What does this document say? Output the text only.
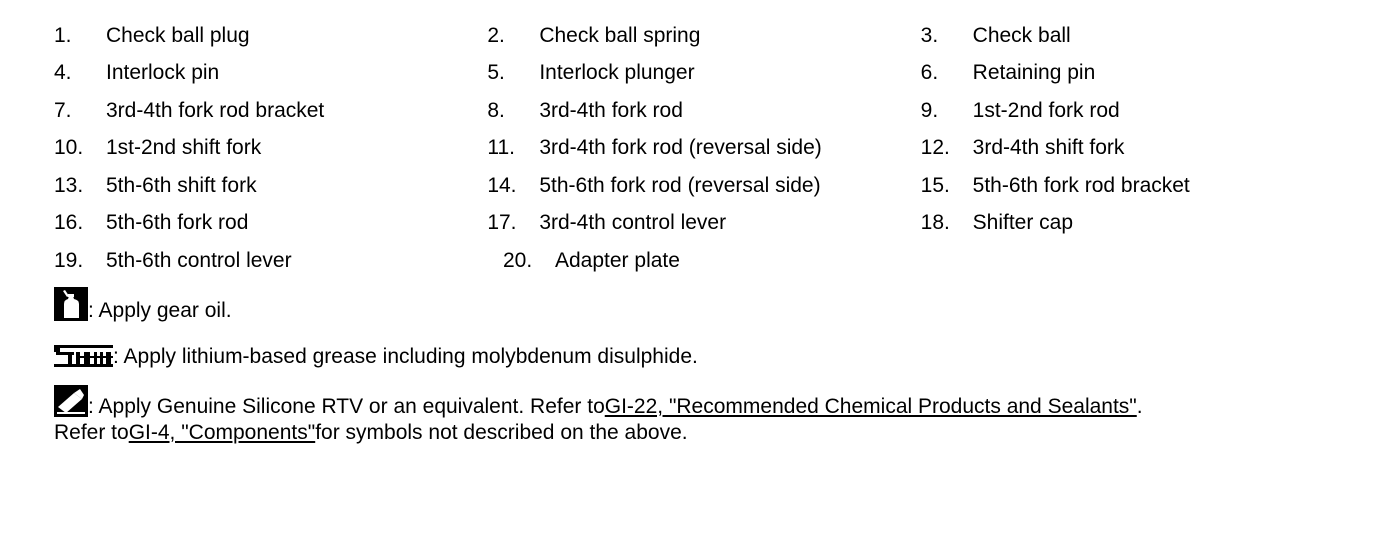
1.	Check ball plug	2.	Check ball spring	3.	Check ball
4.	Interlock pin	5.	Interlock plunger	6.	Retaining pin
7.	3rd-4th fork rod bracket	8.	3rd-4th fork rod	9.	1st-2nd fork rod
10.	1st-2nd shift fork	11.	3rd-4th fork rod (reversal side)	12.	3rd-4th shift fork
13.	5th-6th shift fork	14.	5th-6th fork rod (reversal side)	15.	5th-6th fork rod bracket
16.	5th-6th fork rod	17.	3rd-4th control lever	18.	Shifter cap
19.	5th-6th control lever	20.	Adapter plate
: Apply gear oil.
: Apply lithium-based grease including molybdenum disulphide.
: Apply Genuine Silicone RTV or an equivalent. Refer to GI-22, "Recommended Chemical Products and Sealants" .
Refer to GI-4, "Components" for symbols not described on the above.
